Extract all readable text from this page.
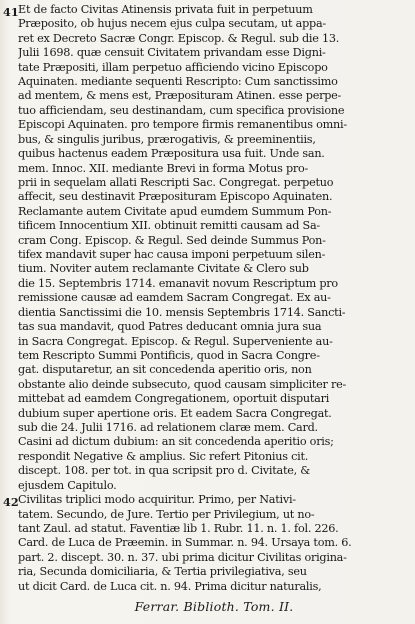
41 Et de facto Civitas Atinensis privata fuit in perpetuum
Præposito, ob hujus necem ejus culpa secutam, ut appa-
ret ex Decreto Sacræ Congr. Episcop. & Regul. sub die 13.
Julii 1698. quæ censuit Civitatem privandam esse Digni-
tate Præpositi, illam perpetuo afficiendo vicino Episcopo
Aquinaten. mediante sequenti Rescripto: Cum sanctissimo
ad mentem, & mens est, Præposituram Atinen. esse perpe-
tuo afficiendam, seu destinandam, cum specifica provisione
Episcopi Aquinaten. pro tempore firmis remanentibus omni-
bus, & singulis juribus, prærogativis, & preeminentiis,
quibus hactenus eadem Præpositura usa fuit. Unde san.
mem. Innoc. XII. mediante Brevi in forma Motus pro-
prii in sequelam allati Rescripti Sac. Congregat. perpetuo
affecit, seu destinavit Præposituram Episcopo Aquinaten.
Reclamante autem Civitate apud eumdem Summum Pon-
tificem Innocentium XII. obtinuit remitti causam ad Sa-
cram Cong. Episcop. & Regul. Sed deinde Summus Pon-
tifex mandavit super hac causa imponi perpetuum silen-
tium. Noviter autem reclamante Civitate & Clero sub
die 15. Septembris 1714. emanavit novum Rescriptum pro
remissione causæ ad eamdem Sacram Congregat. Ex au-
dientia Sanctissimi die 10. mensis Septembris 1714. Sancti-
tas sua mandavit, quod Patres deducant omnia jura sua
in Sacra Congregat. Episcop. & Regul. Superveniente au-
tem Rescripto Summi Pontificis, quod in Sacra Congre-
gat. disputaretur, an sit concedenda aperitio oris, non
obstante alio deinde subsecuto, quod causam simpliciter re-
mittebat ad eamdem Congregationem, oportuit disputari
dubium super apertione oris. Et eadem Sacra Congregat.
sub die 24. Julii 1716. ad relationem claræ mem. Card.
Casini ad dictum dubium: an sit concedenda aperitio oris;
respondit Negative & amplius. Sic refert Pitonius cit.
discept. 108. per tot. in qua scripsit pro d. Civitate, &
ejusdem Capitulo.
42 Civilitas triplici modo acquiritur. Primo, per Nativi-
tatem. Secundo, de Jure. Tertio per Privilegium, ut no-
tant Zaul. ad statut. Faventiæ lib 1. Rubr. 11. n. 1. fol. 226.
Card. de Luca de Præemin. in Summar. n. 94. Ursaya tom. 6.
part. 2. discept. 30. n. 37. ubi prima dicitur Civilitas origina-
ria, Secunda domiciliaria, & Tertia privilegiativa, seu
ut dicit Card. de Luca cit. n. 94. Prima dicitur naturalis,
Ferrar. Biblioth. Tom. II.
